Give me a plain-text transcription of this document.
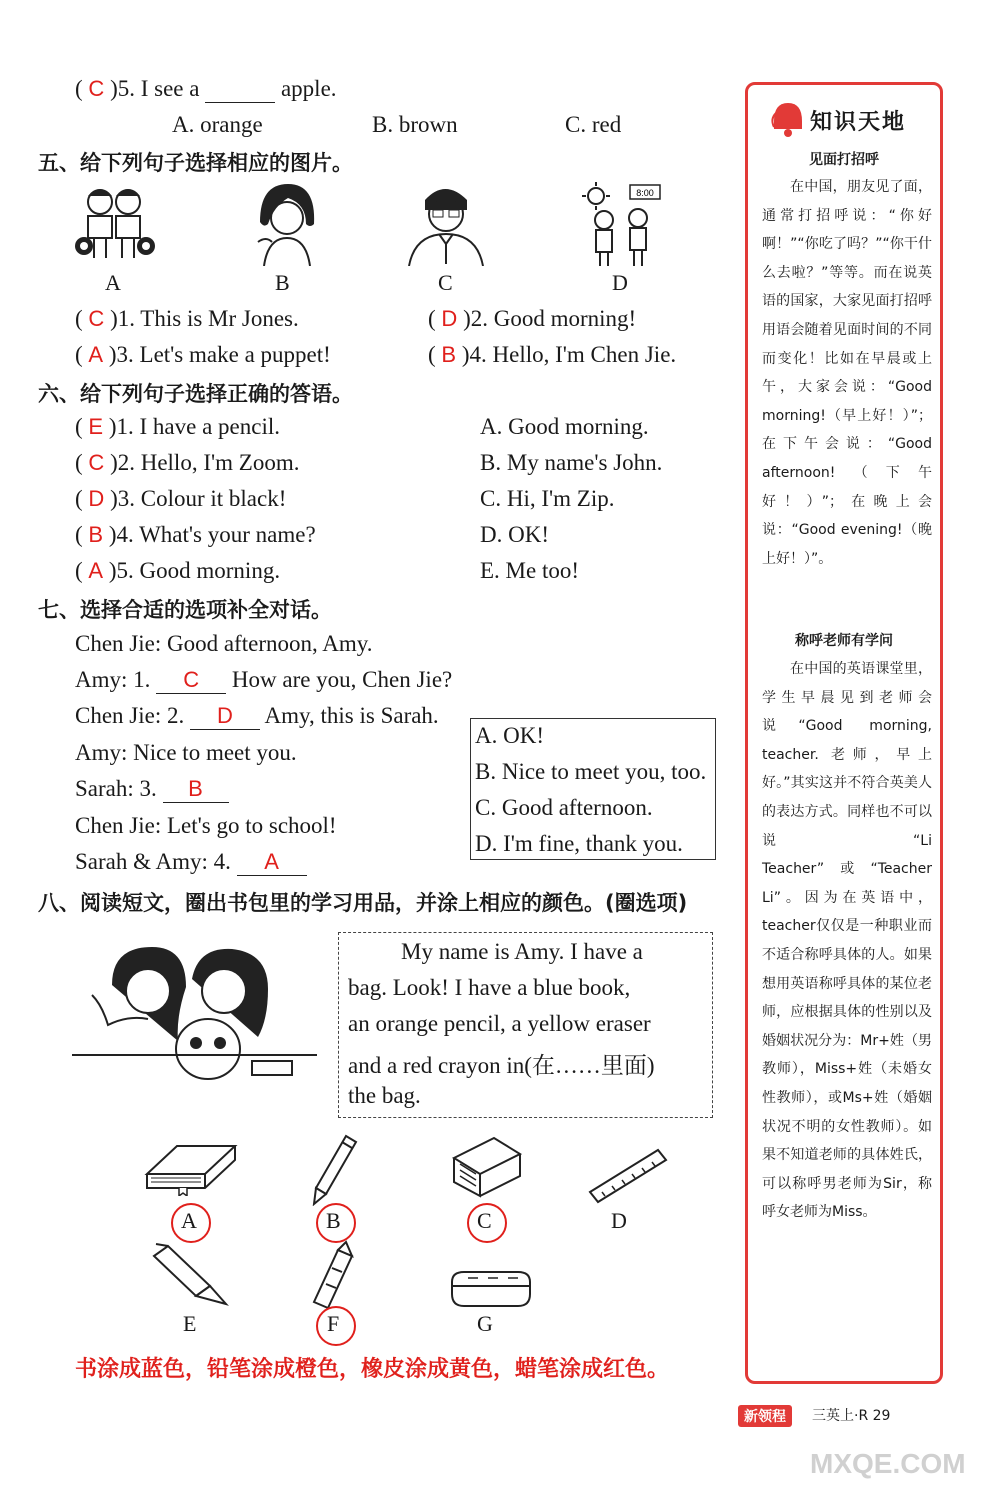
( C )5. I see a	apple.
A. orange	B. brown	C. red
五、给下列句子选择相应的图片。
8:00
A	B	C	D
( C )1. This is Mr Jones.	( D )2. Good morning!
( A )3. Let's make a puppet!	( B )4. Hello, I'm Chen Jie.
六、给下列句子选择正确的答语。
( E )1. I have a pencil.	A. Good morning.
( C )2. Hello, I'm Zoom.	B. My name's John.
( D )3. Colour it black!	C. Hi, I'm Zip.
( B )4. What's your name?	D. OK!
( A )5. Good morning.	E. Me too!
七、选择合适的选项补全对话。
Chen Jie: Good afternoon, Amy.
Amy: 1. C How are you, Chen Jie?
Chen Jie: 2. D Amy, this is Sarah.
Amy: Nice to meet you.
Sarah: 3. B
Chen Jie: Let's go to school!
Sarah & Amy: 4. A
A. OK!
B. Nice to meet you, too.
C. Good afternoon.
D. I'm fine, thank you.
八、阅读短文，圈出书包里的学习用品，并涂上相应的颜色。(圈选项)
My name is Amy. I have a
bag. Look! I have a blue book,
an orange pencil, a yellow eraser
and a red crayon in(在……里面)
the bag.
A	B	C	D
E	F	G
书涂成蓝色，铅笔涂成橙色，橡皮涂成黄色，蜡笔涂成红色。
知识天地
见面打招呼
在中国，朋友见了面，通常打招呼说：“你好啊！”“你吃了吗？”“你干什么去啦？”等等。而在说英语的国家，大家见面打招呼用语会随着见面时间的不同而变化！比如在早晨或上午，大家会说：“Good morning!（早上好！）”；在下午会说：“Good afternoon!（下午好！）”；在晚上会说：“Good evening!（晚上好！）”。
称呼老师有学问
在中国的英语课堂里，学生早晨见到老师会说“Good morning, teacher. 老师，早上好。”其实这并不符合英美人的表达方式。同样也不可以说“Li Teacher”或“Teacher Li”。因为在英语中，teacher仅仅是一种职业而不适合称呼具体的人。如果想用英语称呼具体的某位老师，应根据具体的性别以及婚姻状况分为：Mr+姓（男教师），Miss+姓（未婚女性教师），或Ms+姓（婚姻状况不明的女性教师）。如果不知道老师的具体姓氏，可以称呼男老师为Sir，称呼女老师为Miss。
新领程	三英上·R 29
MXQE.COM
